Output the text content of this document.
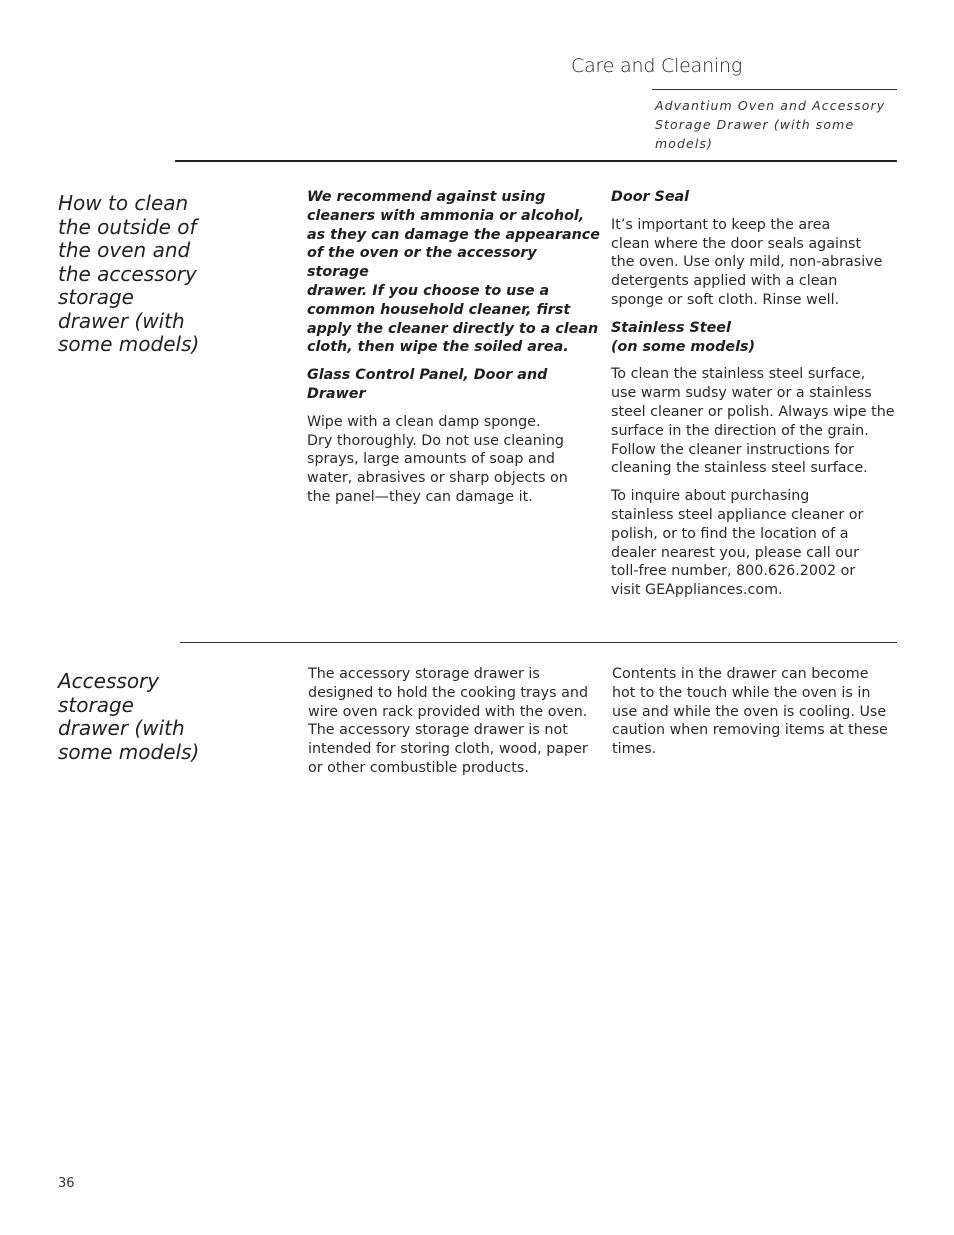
Care and Cleaning
Advantium Oven and Accessory
Storage Drawer (with some
models)
How to clean
the outside of
the oven and
the accessory
storage
drawer (with
some models)

We recommend against using
cleaners with ammonia or alcohol,
as they can damage the appearance
of the oven or the accessory storage
drawer. If you choose to use a
common household cleaner, first
apply the cleaner directly to a clean
cloth, then wipe the soiled area.

Glass Control Panel, Door and Drawer

Wipe with a clean damp sponge.
Dry thoroughly. Do not use cleaning
sprays, large amounts of soap and
water, abrasives or sharp objects on
the panel—they can damage it.

Door Seal

It’s important to keep the area
clean where the door seals against
the oven. Use only mild, non-abrasive
detergents applied with a clean
sponge or soft cloth. Rinse well.

Stainless Steel
(on some models)

To clean the stainless steel surface,
use warm sudsy water or a stainless
steel cleaner or polish. Always wipe the
surface in the direction of the grain.
Follow the cleaner instructions for
cleaning the stainless steel surface.

To inquire about purchasing
stainless steel appliance cleaner or
polish, or to find the location of a
dealer nearest you, please call our
toll-free number, 800.626.2002 or
visit GEAppliances.com.

Accessory
storage
drawer (with
some models)

The accessory storage drawer is
designed to hold the cooking trays and
wire oven rack provided with the oven.
The accessory storage drawer is not
intended for storing cloth, wood, paper
or other combustible products.

Contents in the drawer can become
hot to the touch while the oven is in
use and while the oven is cooling. Use
caution when removing items at these
times.

36
